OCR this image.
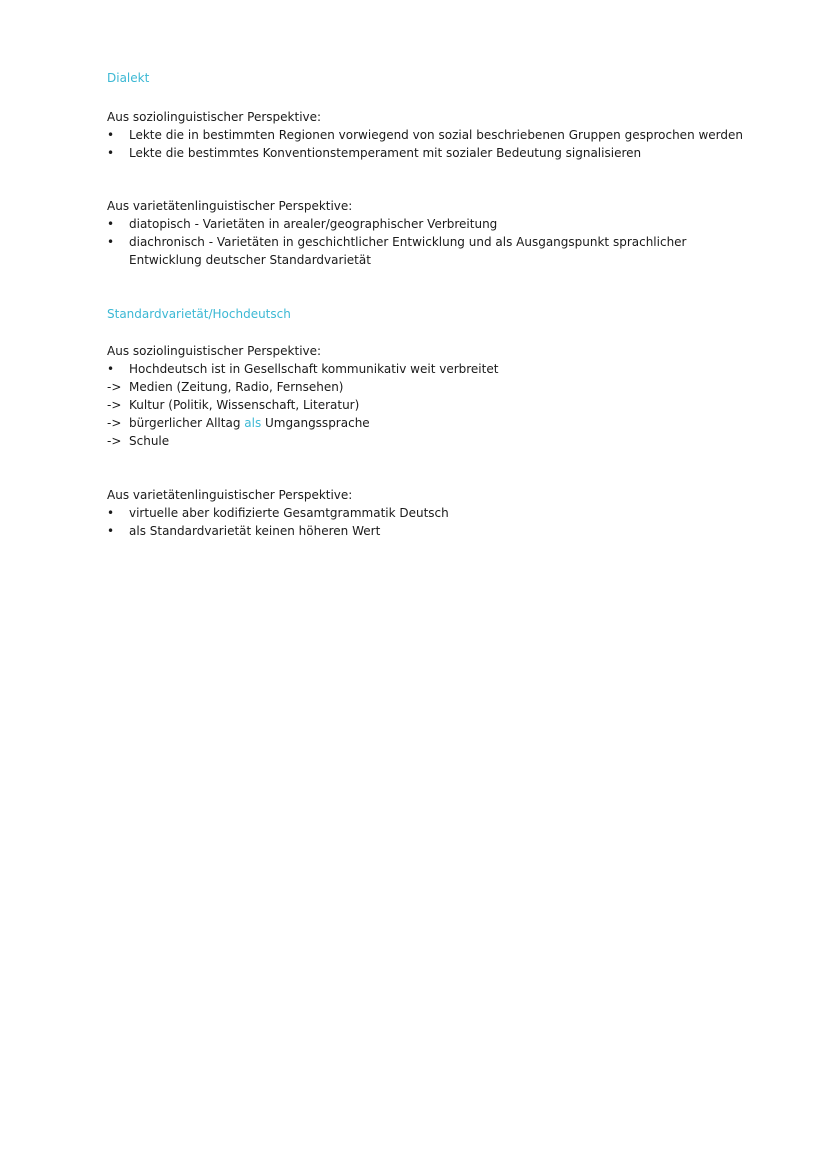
Dialekt
Aus soziolinguistischer Perspektive:
•	Lekte die in bestimmten Regionen vorwiegend von sozial beschriebenen Gruppen gesprochen werden
•	Lekte die bestimmtes Konventionstemperament mit sozialer Bedeutung signalisieren
Aus varietätenlinguistischer Perspektive:
•	diatopisch - Varietäten in arealer/geographischer Verbreitung
•	diachronisch - Varietäten in geschichtlicher Entwicklung und als Ausgangspunkt sprachlicher Entwicklung deutscher Standardvarietät
Standardvarietät/Hochdeutsch
Aus soziolinguistischer Perspektive:
•	Hochdeutsch ist in Gesellschaft kommunikativ weit verbreitet
-> Medien (Zeitung, Radio, Fernsehen)
-> Kultur (Politik, Wissenschaft, Literatur)
-> bürgerlicher Alltag als Umgangssprache
-> Schule
Aus varietätenlinguistischer Perspektive:
•	virtuelle aber kodifizierte Gesamtgrammatik Deutsch
•	als Standardvarietät keinen höheren Wert
